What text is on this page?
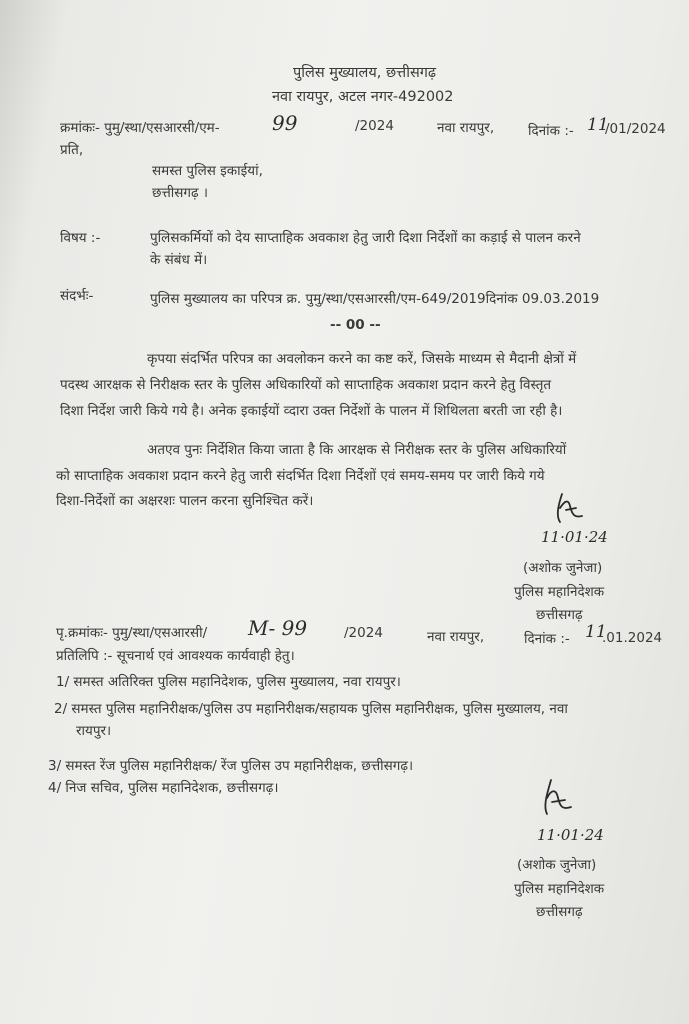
पुलिस मुख्यालय, छत्तीसगढ़
नवा रायपुर, अटल नगर-492002
क्रमांकः- पुमु/स्था/एसआरसी/एम-	99	/2024	नवा रायपुर,	दिनांक :- 11
/01/2024
प्रति,
समस्त पुलिस इकाईयां,
छत्तीसगढ़ ।
विषय :-	पुलिसकर्मियों को देय साप्ताहिक अवकाश हेतु जारी दिशा निर्देशों का कड़ाई से पालन करने
के संबंध में।
संदर्भः-	पुलिस मुख्यालय का परिपत्र क्र. पुमु/स्था/एसआरसी/एम-649/2019दिनांक 09.03.2019
-- 00 --
कृपया संदर्भित परिपत्र का अवलोकन करने का कष्ट करें, जिसके माध्यम से मैदानी क्षेत्रों में
पदस्थ आरक्षक से निरीक्षक स्तर के पुलिस अधिकारियों को साप्ताहिक अवकाश प्रदान करने हेतु विस्तृत
दिशा निर्देश जारी किये गये है। अनेक इकाईयों व्दारा उक्त निर्देशों के पालन में शिथिलता बरती जा रही है।
अतएव पुनः निर्देशित किया जाता है कि आरक्षक से निरीक्षक स्तर के पुलिस अधिकारियों
को साप्ताहिक अवकाश प्रदान करने हेतु जारी संदर्भित दिशा निर्देशों एवं समय-समय पर जारी किये गये
दिशा-निर्देशों का अक्षरशः पालन करना सुनिश्चित करें।
11·01·24
(अशोक जुनेजा)
पुलिस महानिदेशक
छत्तीसगढ़
पृ.क्रमांकः- पुमु/स्था/एसआरसी/ M- 99	/2024	नवा रायपुर,	दिनांक :- 11
.01.2024
प्रतिलिपि :- सूचनार्थ एवं आवश्यक कार्यवाही हेतु।
1/ समस्त अतिरिक्त पुलिस महानिदेशक, पुलिस मुख्यालय, नवा रायपुर।
2/ समस्त पुलिस महानिरीक्षक/पुलिस उप महानिरीक्षक/सहायक पुलिस महानिरीक्षक, पुलिस मुख्यालय, नवा
रायपुर।
3/ समस्त रेंज पुलिस महानिरीक्षक/ रेंज पुलिस उप महानिरीक्षक, छत्तीसगढ़।
4/ निज सचिव, पुलिस महानिदेशक, छत्तीसगढ़।
11·01·24
(अशोक जुनेजा)
पुलिस महानिदेशक
छत्तीसगढ़
